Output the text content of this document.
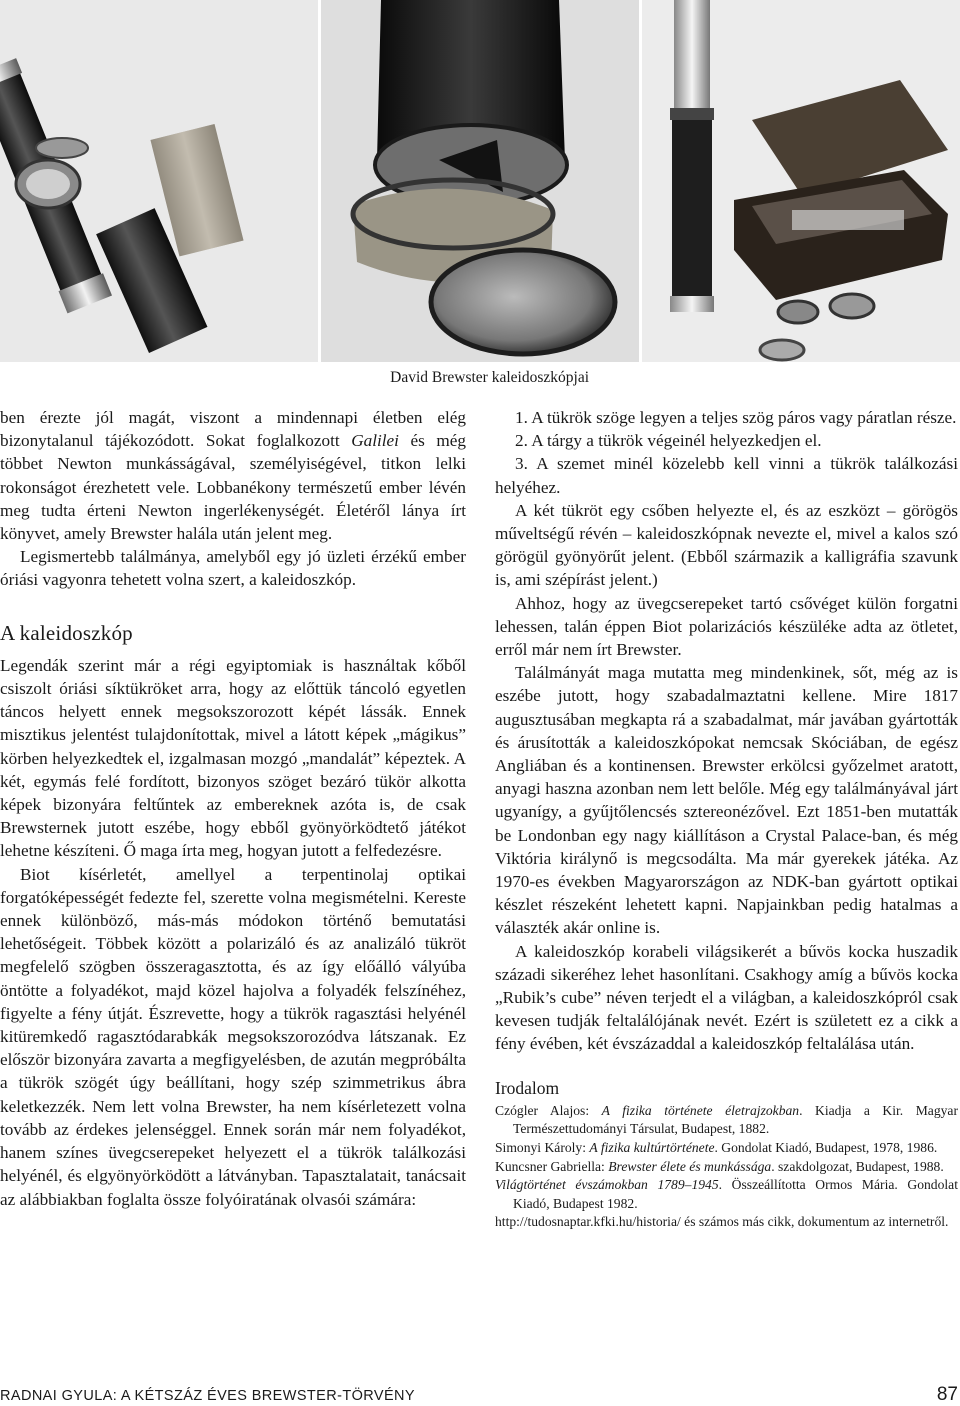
David Brewster kaleidoszkópjai

ben érezte jól magát, viszont a mindennapi életben elég bizonytalanul tájékozódott. Sokat foglalkozott Galilei és még többet Newton munkásságával, személyiségével, titkon lelki rokonságot érezhetett vele. Lobbanékony természetű ember lévén meg tudta érteni Newton ingerlékenységét. Életéről lánya írt könyvet, amely Brewster halála után jelent meg.

Legismertebb találmánya, amelyből egy jó üzleti érzékű ember óriási vagyonra tehetett volna szert, a kaleidoszkóp.

A kaleidoszkóp

Legendák szerint már a régi egyiptomiak is használtak kőből csiszolt óriási síktükröket arra, hogy az előttük táncoló egyetlen táncos helyett ennek megsokszorozott képét lássák. Ennek misztikus jelentést tulajdonítottak, mivel a látott képek „mágikus” körben helyezkedtek el, izgalmasan mozgó „mandalát” képeztek. A két, egymás felé fordított, bizonyos szöget bezáró tükör alkotta képek bizonyára feltűntek az embereknek azóta is, de csak Brewsternek jutott eszébe, hogy ebből gyönyörködtető játékot lehetne készíteni. Ő maga írta meg, hogyan jutott a felfedezésre.

Biot kísérletét, amellyel a terpentinolaj optikai forgatóképességét fedezte fel, szerette volna megismételni. Kereste ennek különböző, más-más módokon történő bemutatási lehetőségeit. Többek között a polarizáló és az analizáló tükröt megfelelő szögben összeragasztotta, és az így előálló vályúba öntötte a folyadékot, majd közel hajolva a folyadék felszínéhez, figyelte a fény útját. Észrevette, hogy a tükrök ragasztási helyénél kitüremkedő ragasztódarabkák megsokszorozódva látszanak. Ez először bizonyára zavarta a megfigyelésben, de azután megpróbálta a tükrök szögét úgy beállítani, hogy szép szimmetrikus ábra keletkezzék. Nem lett volna Brewster, ha nem kísérletezett volna tovább az érdekes jelenséggel. Ennek során már nem folyadékot, hanem színes üvegcserepeket helyezett el a tükrök találkozási helyénél, és elgyönyörködött a látványban. Tapasztalatait, tanácsait az alábbiakban foglalta össze folyóiratának olvasói számára:

1. A tükrök szöge legyen a teljes szög páros vagy páratlan része.

2. A tárgy a tükrök végeinél helyezkedjen el.

3. A szemet minél közelebb kell vinni a tükrök találkozási helyéhez.

A két tükröt egy csőben helyezte el, és az eszközt – görögös műveltségű révén – kaleidoszkópnak nevezte el, mivel a kalos szó görögül gyönyörűt jelent. (Ebből származik a kalligráfia szavunk is, ami szépírást jelent.)

Ahhoz, hogy az üvegcserepeket tartó csővéget külön forgatni lehessen, talán éppen Biot polarizációs készüléke adta az ötletet, erről már nem írt Brewster.

Találmányát maga mutatta meg mindenkinek, sőt, még az is eszébe jutott, hogy szabadalmaztatni kellene. Mire 1817 augusztusában megkapta rá a szabadalmat, már javában gyártották és árusították a kaleidoszkópokat nemcsak Skóciában, de egész Angliában és a kontinensen. Brewster erkölcsi győzelmet aratott, anyagi haszna azonban nem lett belőle. Még egy találmányával járt ugyanígy, a gyűjtőlencsés sztereonézővel. Ezt 1851-ben mutatták be Londonban egy nagy kiállításon a Crystal Palace-ban, és még Viktória királynő is megcsodálta. Ma már gyerekek játéka. Az 1970-es években Magyarországon az NDK-ban gyártott optikai készlet részeként lehetett kapni. Napjainkban pedig hatalmas a választék akár online is.

A kaleidoszkóp korabeli világsikerét a bűvös kocka huszadik századi sikeréhez lehet hasonlítani. Csakhogy amíg a bűvös kocka „Rubik’s cube” néven terjedt el a világban, a kaleidoszkópról csak kevesen tudják feltalálójának nevét. Ezért is született ez a cikk a fény évében, két évszázaddal a kaleidoszkóp feltalálása után.

Irodalom

Czógler Alajos: A fizika története életrajzokban. Kiadja a Kir. Magyar Természettudományi Társulat, Budapest, 1882.

Simonyi Károly: A fizika kultúrtörténete. Gondolat Kiadó, Budapest, 1978, 1986.

Kuncsner Gabriella: Brewster élete és munkássága. szakdolgozat, Budapest, 1988.

Világtörténet évszámokban 1789–1945. Összeállította Ormos Mária. Gondolat Kiadó, Budapest 1982.

http://tudosnaptar.kfki.hu/historia/ és számos más cikk, dokumentum az internetről.

RADNAI GYULA: A KÉTSZÁZ ÉVES BREWSTER-TÖRVÉNY	87
